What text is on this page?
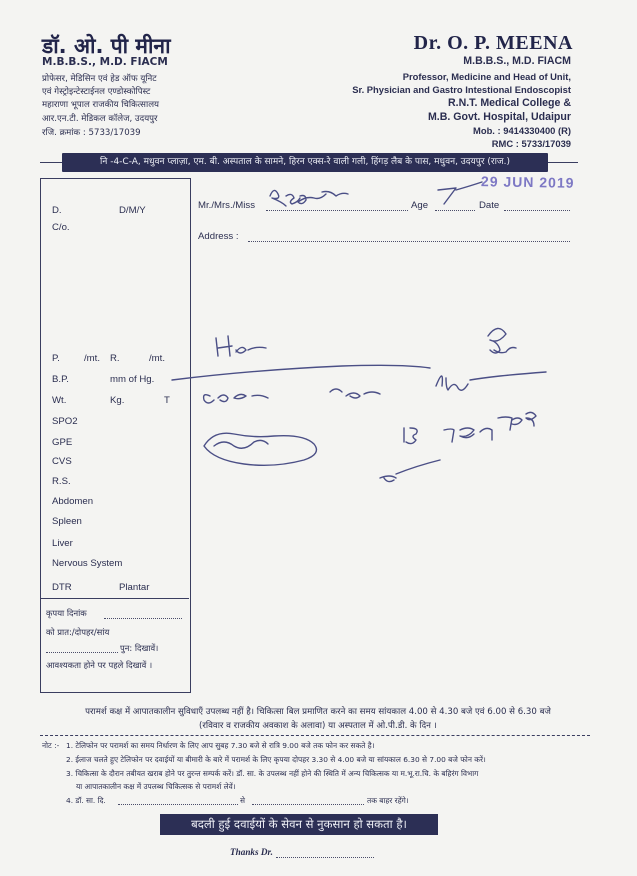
डॉ. ओ. पी मीना
M.B.B.S., M.D. FIACM
प्रोफेसर, मेडिसिन एवं हेड ऑफ यूनिट
एवं गेस्ट्रोइन्टेस्टाईनल एण्डोस्कोपिस्ट
महाराणा भूपाल राजकीय चिकित्सालय
आर.एन.टी. मेडिकल कॉलेज, उदयपुर
रजि. क्रमांक : 5733/17039
Dr. O. P. MEENA
M.B.B.S., M.D. FIACM
Professor, Medicine and Head of Unit,
Sr. Physician and Gastro Intestional Endoscopist
R.N.T. Medical College &
M.B. Govt. Hospital, Udaipur
Mob. : 9414330400 (R)
RMC : 5733/17039
नि -4-C-A, मधुवन प्लाज़ा, एम. बी. अस्पताल के सामने, हिरन एक्स-रे वाली गली, हिंगड़ लैब के पास, मधुवन, उदयपुर (राज.)
29 JUN 2019
Mr./Mrs./Miss	Age	Date
Address :
D.	D/M/Y
C/o.
P.	/mt. R.	/mt.
B.P.	mm of Hg.
Wt.	Kg.	T
SPO2
GPE
CVS
R.S.
Abdomen
Spleen
Liver
Nervous System
DTR	Plantar
कृपया दिनांक
को प्रात:/दोपहर/सांय
पुन: दिखावें।
आवश्यकता होने पर पहले दिखावें ।
परामर्श कक्ष में आपातकालीन सुविधाएँ उपलब्ध नहीं है। चिकित्सा बिल प्रमाणित करने का समय सांयकाल 4.00 से 4.30 बजे एवं 6.00 से 6.30 बजे
(रविवार व राजकीय अवकाश के अलावा) या अस्पताल में ओ.पी.डी. के दिन ।
नोट :- 1. टेलिफोन पर परामर्श का समय निर्धारण के लिए आप सुबह 7.30 बजे से रात्रि 9.00 बजे तक फोन कर सकते है।
2. ईलाज चलते हुए टेलिफोन पर दवाईयों या बीमारी के बारे में परामर्श के लिए कृपया दोपहर 3.30 से 4.00 बजे या सांयकाल 6.30 से 7.00 बजे फोन करें।
3. चिकित्सा के दौरान तबीयत खराब होने पर तुरन्त सम्पर्क करें। डॉ. सा. के उपलब्ध नहीं होने की स्थिति में अन्य चिकित्सक या म.भू.रा.चि. के बहिरंग विभाग
या आपातकालीन कक्ष में उपलब्ध चिकित्सक से परामर्श लेवें।
4. डॉ. सा. दि.	से	तक बाहर रहेंगे।
बदली हुई दवाईयों के सेवन से नुकसान हो सकता है।
Thanks Dr.
